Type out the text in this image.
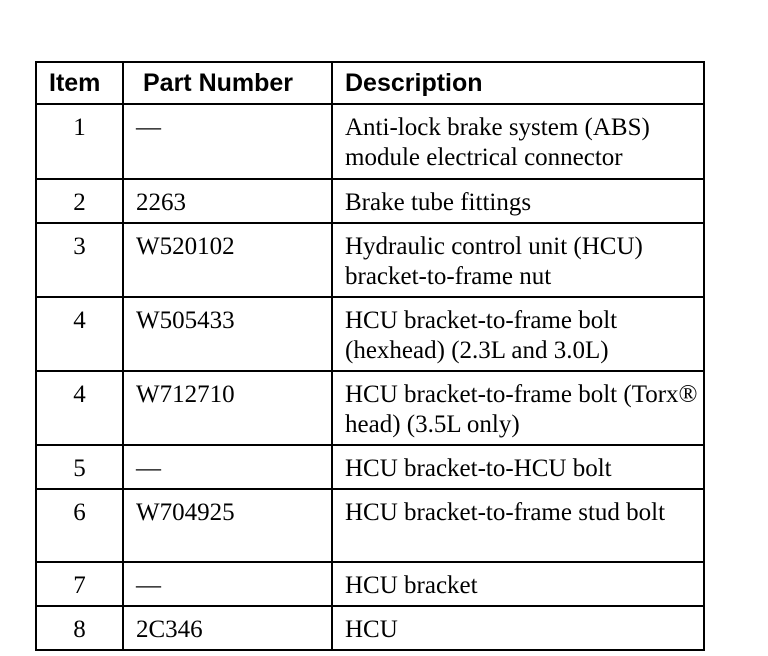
Item	Part Number	Description
1	—	Anti-lock brake system (ABS) module electrical connector
2	2263	Brake tube fittings
3	W520102	Hydraulic control unit (HCU) bracket-to-frame nut
4	W505433	HCU bracket-to-frame bolt (hexhead) (2.3L and 3.0L)
4	W712710	HCU bracket-to-frame bolt (Torx® head) (3.5L only)
5	—	HCU bracket-to-HCU bolt
6	W704925	HCU bracket-to-frame stud bolt
7	—	HCU bracket
8	2C346	HCU
